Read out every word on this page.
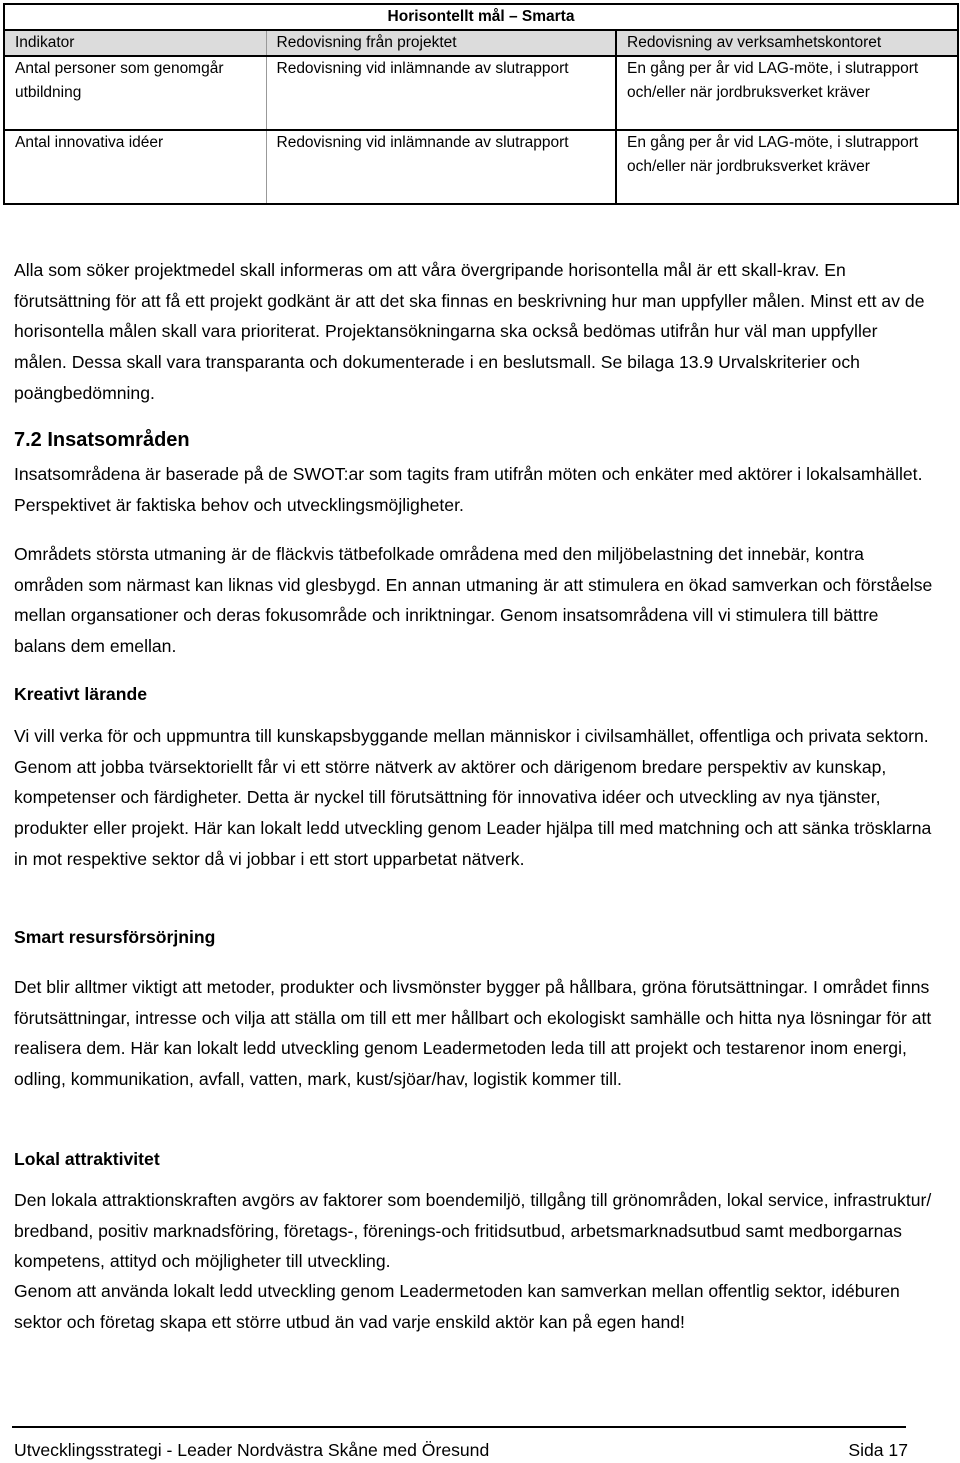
Horisontellt mål – Smarta		
Indikator	Redovisning från projektet	Redovisning av verksamhetskontoret
Antal personer som genomgår utbildning	Redovisning vid inlämnande av slutrapport	En gång per år vid LAG-möte, i slutrapport och/eller när jordbruksverket kräver
Antal innovativa idéer	Redovisning vid inlämnande av slutrapport	En gång per år vid LAG-möte, i slutrapport och/eller när jordbruksverket kräver

Alla som söker projektmedel skall informeras om att våra övergripande horisontella mål är ett skall-krav. En förutsättning för att få ett projekt godkänt är att det ska finnas en beskrivning hur man uppfyller målen. Minst ett av de horisontella målen skall vara prioriterat. Projektansökningarna ska också bedömas utifrån hur väl man uppfyller målen. Dessa skall vara transparanta och dokumenterade i en beslutsmall. Se bilaga 13.9 Urvalskriterier och poängbedömning.

7.2 Insatsområden

Insatsområdena är baserade på de SWOT:ar som tagits fram utifrån möten och enkäter med aktörer i lokalsamhället. Perspektivet är faktiska behov och utvecklingsmöjligheter.

Områdets största utmaning är de fläckvis tätbefolkade områdena med den miljöbelastning det innebär, kontra områden som närmast kan liknas vid glesbygd. En annan utmaning är att stimulera en ökad samverkan och förståelse mellan organsationer och deras fokusområde och inriktningar. Genom insatsområdena vill vi stimulera till bättre balans dem emellan.

Kreativt lärande

Vi vill verka för och uppmuntra till kunskapsbyggande mellan människor i civilsamhället, offentliga och privata sektorn. Genom att jobba tvärsektoriellt får vi ett större nätverk av aktörer och därigenom bredare perspektiv av kunskap, kompetenser och färdigheter. Detta är nyckel till förutsättning för innovativa idéer och utveckling av nya tjänster, produkter eller projekt. Här kan lokalt ledd utveckling genom Leader hjälpa till med matchning och att sänka trösklarna in mot respektive sektor då vi jobbar i ett stort upparbetat nätverk.

Smart resursförsörjning

Det blir alltmer viktigt att metoder, produkter och livsmönster bygger på hållbara, gröna förutsättningar. I området finns förutsättningar, intresse och vilja att ställa om till ett mer hållbart och ekologiskt samhälle och hitta nya lösningar för att realisera dem. Här kan lokalt ledd utveckling genom Leadermetoden leda till att projekt och testarenor inom energi, odling, kommunikation, avfall, vatten, mark, kust/sjöar/hav, logistik kommer till.

Lokal attraktivitet

Den lokala attraktionskraften avgörs av faktorer som boendemiljö, tillgång till grönområden, lokal service, infrastruktur/ bredband, positiv marknadsföring, företags-, förenings-och fritidsutbud, arbetsmarknadsutbud samt medborgarnas kompetens, attityd och möjligheter till utveckling.

Genom att använda lokalt ledd utveckling genom Leadermetoden kan samverkan mellan offentlig sektor, idéburen sektor och företag skapa ett större utbud än vad varje enskild aktör kan på egen hand!

Utvecklingsstrategi - Leader Nordvästra Skåne med Öresund	Sida 17
